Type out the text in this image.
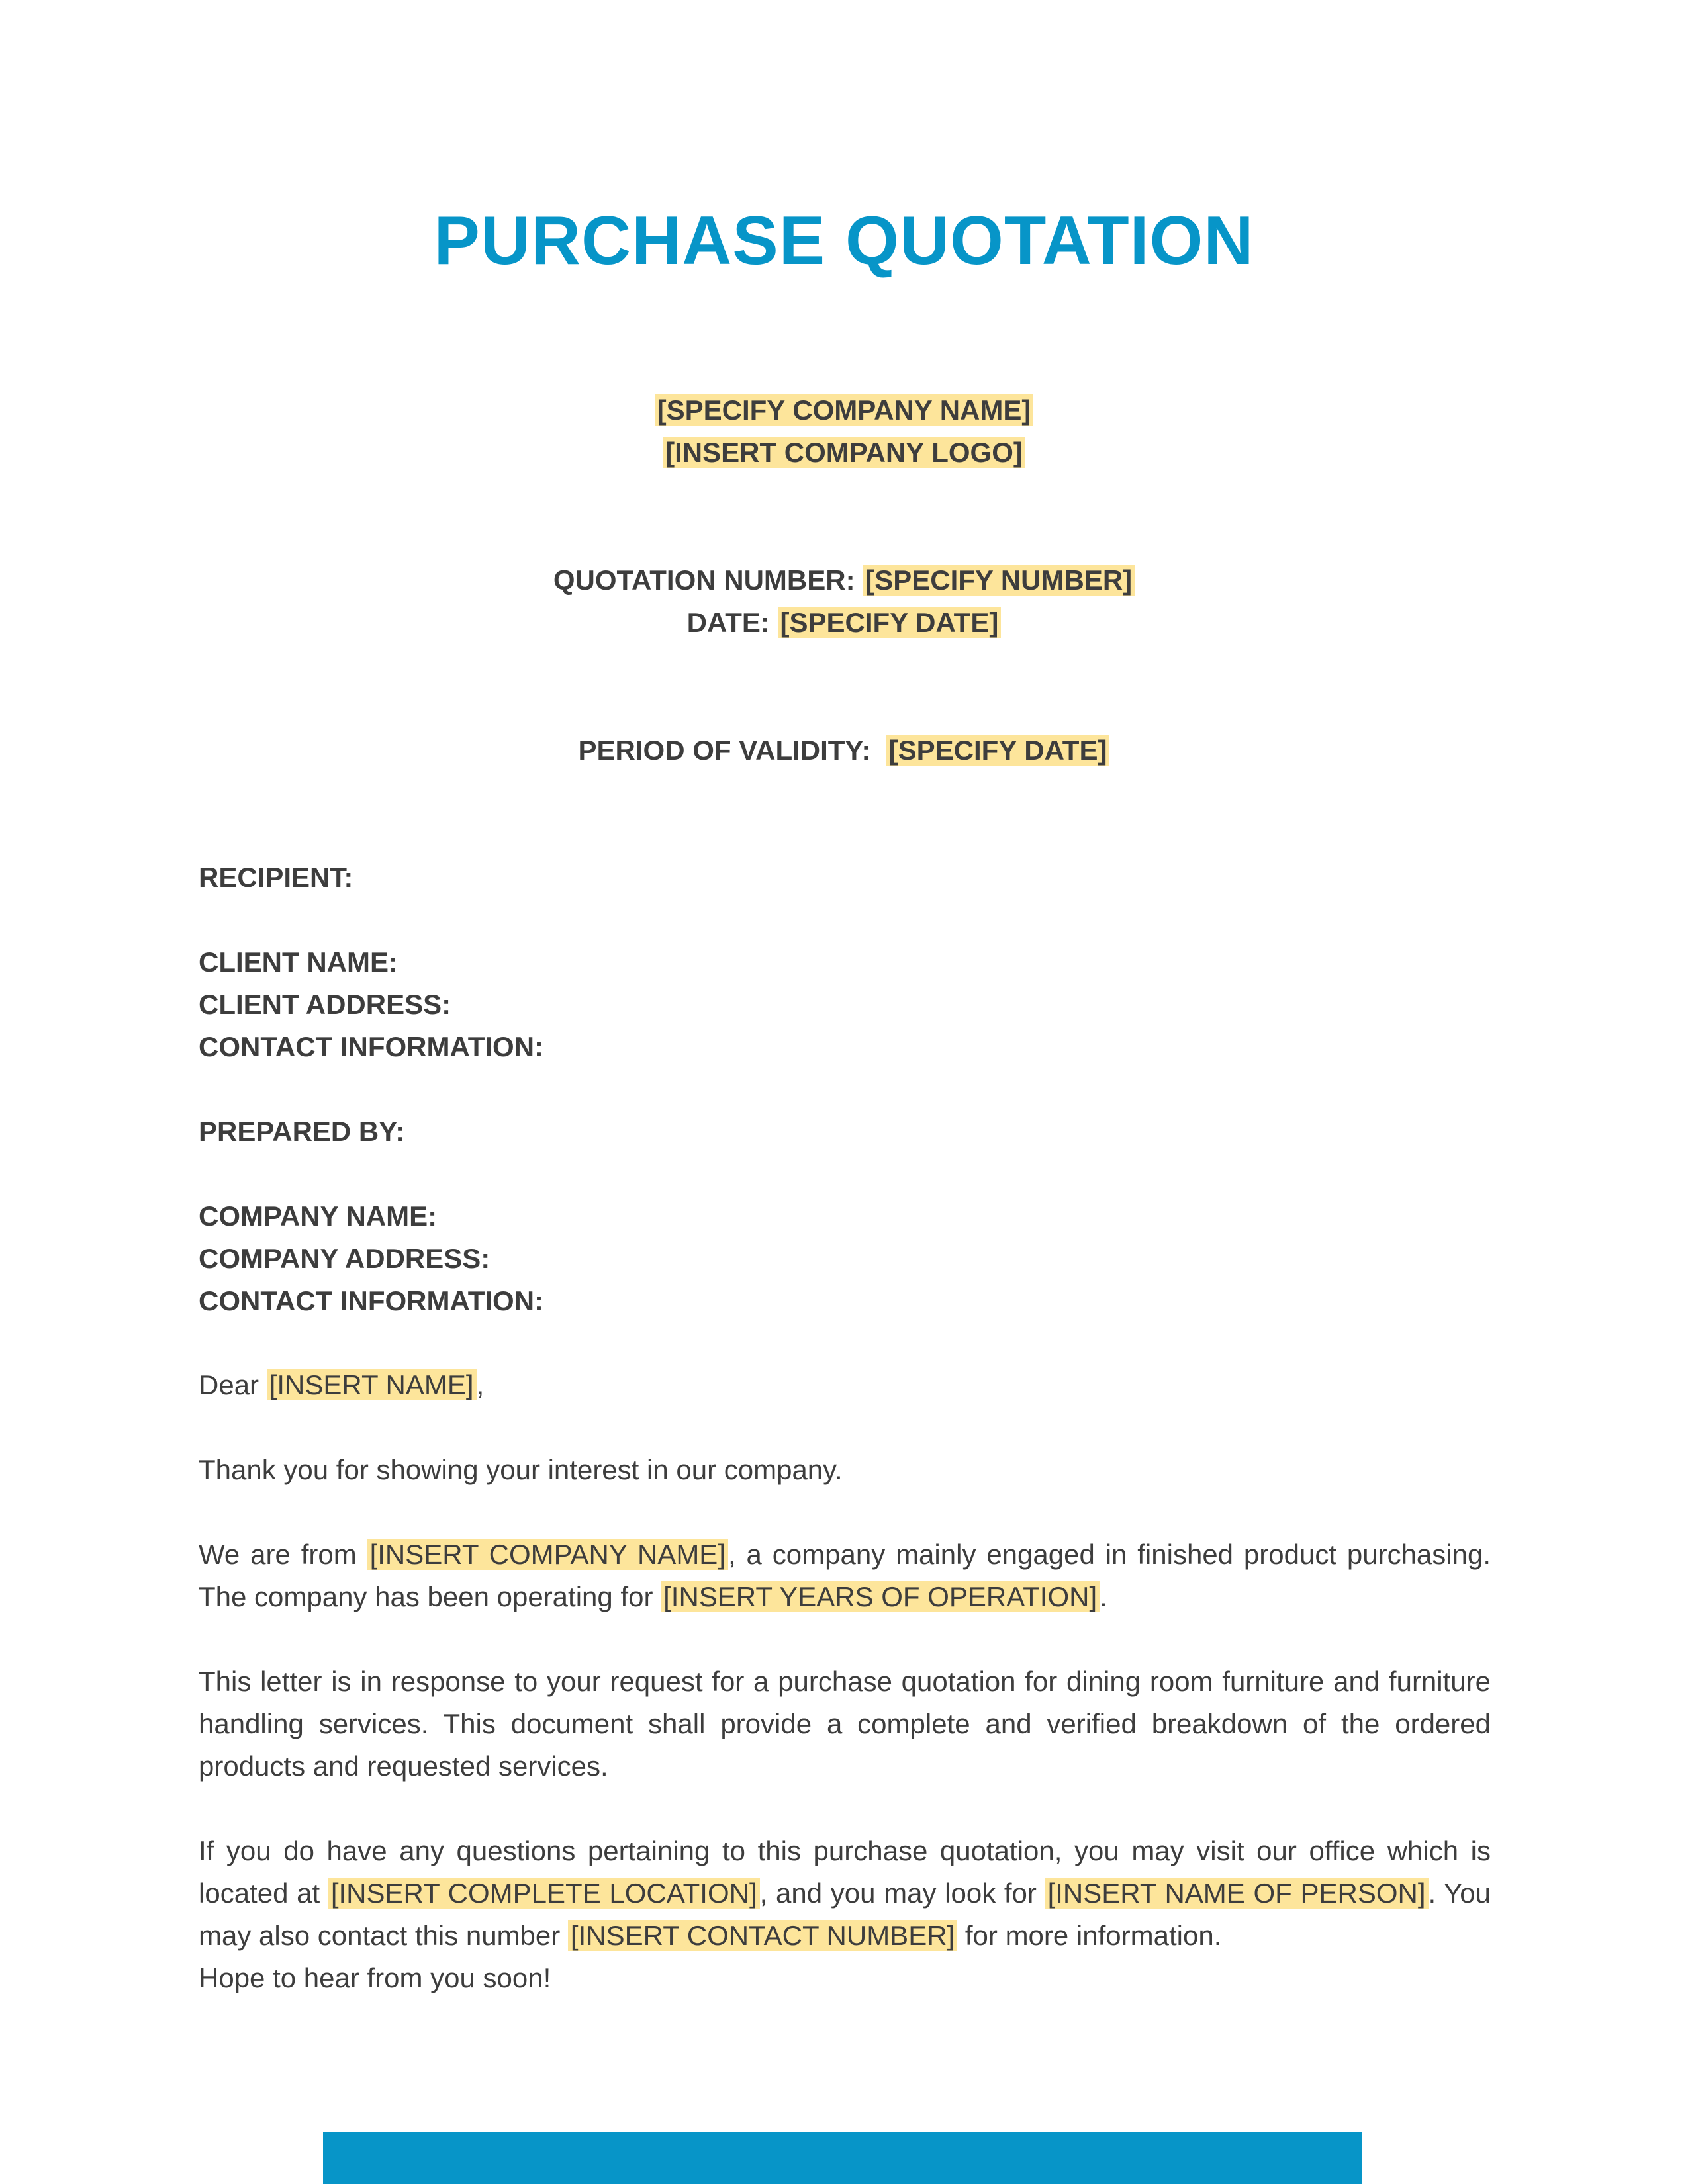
PURCHASE QUOTATION
[SPECIFY COMPANY NAME]
[INSERT COMPANY LOGO]
QUOTATION NUMBER: [SPECIFY NUMBER]
DATE: [SPECIFY DATE]
PERIOD OF VALIDITY: [SPECIFY DATE]
RECIPIENT:
CLIENT NAME:
CLIENT ADDRESS:
CONTACT INFORMATION:
PREPARED BY:
COMPANY NAME:
COMPANY ADDRESS:
CONTACT INFORMATION:
Dear [INSERT NAME],
Thank you for showing your interest in our company.
We are from [INSERT COMPANY NAME], a company mainly engaged in finished product purchasing. The company has been operating for [INSERT YEARS OF OPERATION].
This letter is in response to your request for a purchase quotation for dining room furniture and furniture handling services. This document shall provide a complete and verified breakdown of the ordered products and requested services.
If you do have any questions pertaining to this purchase quotation, you may visit our office which is located at [INSERT COMPLETE LOCATION], and you may look for [INSERT NAME OF PERSON]. You may also contact this number [INSERT CONTACT NUMBER] for more information.
Hope to hear from you soon!
